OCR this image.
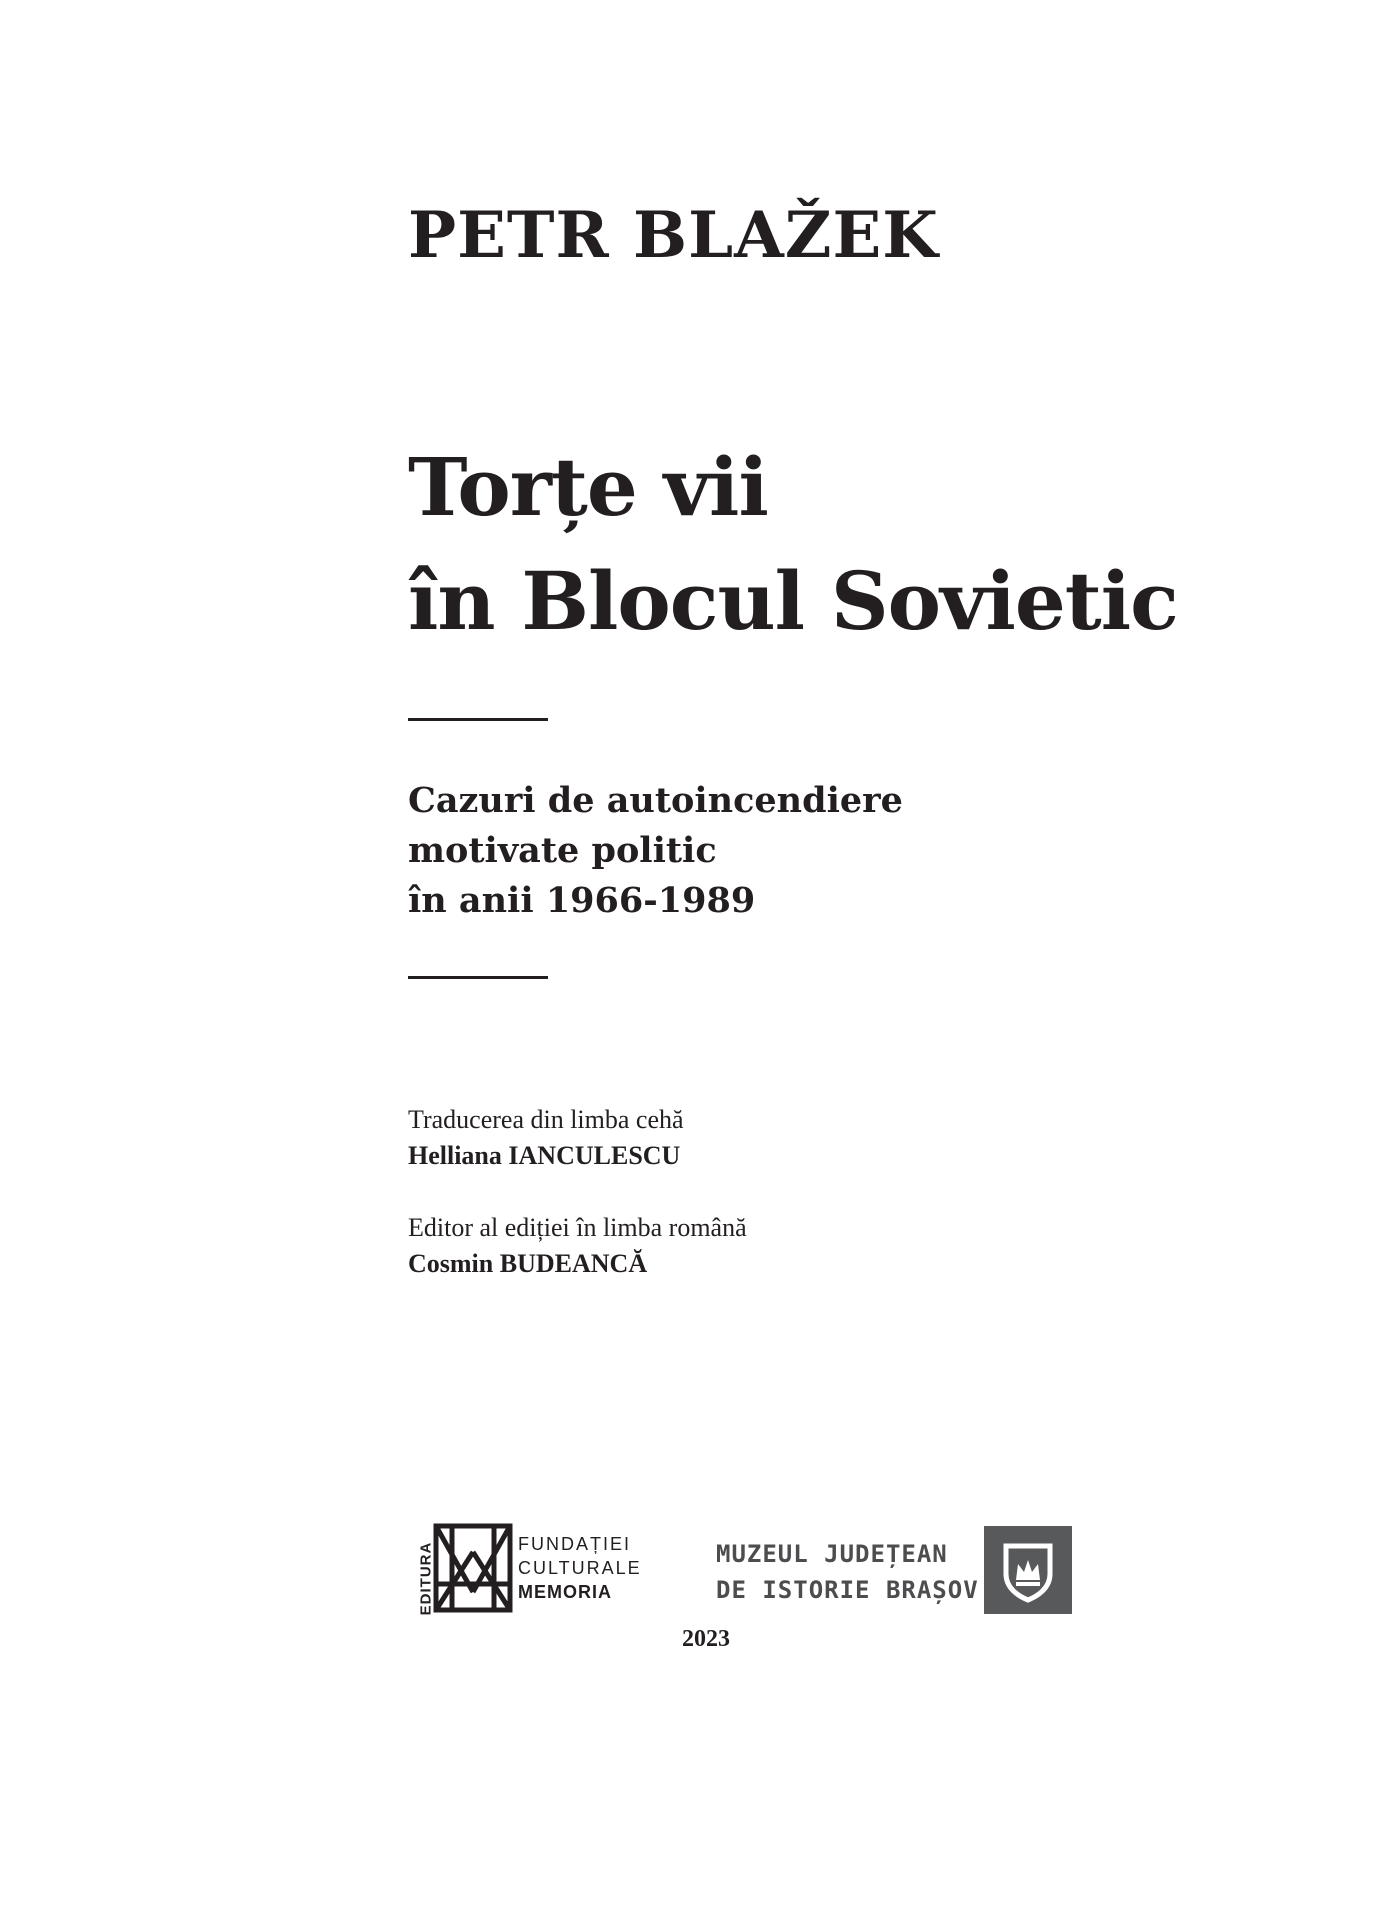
PETR BLAŽEK
Torțe vii
în Blocul Sovietic
Cazuri de autoincendiere
motivate politic
în anii 1966-1989
Traducerea din limba cehă
Helliana IANCULESCU
Editor al ediției în limba română
Cosmin BUDEANCĂ
EDITURA	FUNDAȚIEI
CULTURALE
MEMORIA
MUZEUL JUDEȚEAN
DE ISTORIE BRAȘOV
2023
